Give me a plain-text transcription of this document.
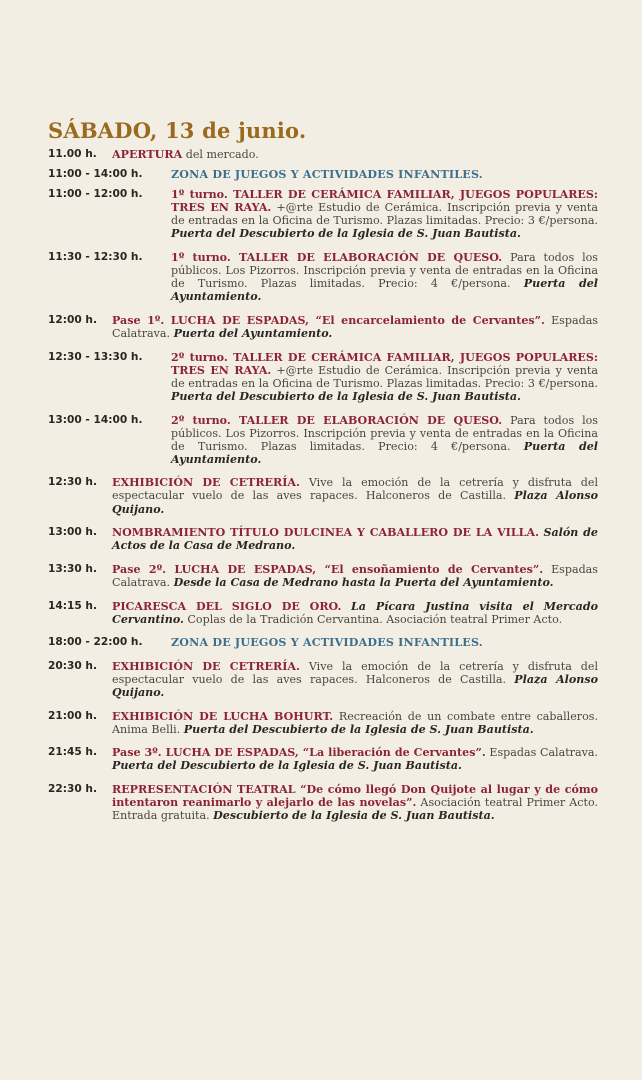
SÁBADO, 13 de junio.
11.00 h.	APERTURA del mercado.
11:00 - 14:00 h.	ZONA DE JUEGOS Y ACTIVIDADES INFANTILES.
11:00 - 12:00 h.	1º turno. TALLER DE CERÁMICA FAMILIAR, JUEGOS POPULARES: TRES EN RAYA. +@rte Estudio de Cerámica. Inscripción previa y venta de entradas en la Oficina de Turismo. Plazas limitadas. Precio: 3 €/persona. Puerta del Descubierto de la Iglesia de S. Juan Bautista.
11:30 - 12:30 h.	1º turno. TALLER DE ELABORACIÓN DE QUESO. Para todos los públicos. Los Pizorros. Inscripción previa y venta de entradas en la Oficina de Turismo. Plazas limitadas. Precio: 4 €/persona. Puerta del Ayuntamiento.
12:00 h.	Pase 1º. LUCHA DE ESPADAS, “El encarcelamiento de Cervantes”. Espadas Calatrava. Puerta del Ayuntamiento.
12:30 - 13:30 h.	2º turno. TALLER DE CERÁMICA FAMILIAR, JUEGOS POPULARES: TRES EN RAYA. +@rte Estudio de Cerámica. Inscripción previa y venta de entradas en la Oficina de Turismo. Plazas limitadas. Precio: 3 €/persona. Puerta del Descubierto de la Iglesia de S. Juan Bautista.
13:00 - 14:00 h.	2º turno. TALLER DE ELABORACIÓN DE QUESO. Para todos los públicos. Los Pizorros. Inscripción previa y venta de entradas en la Oficina de Turismo. Plazas limitadas. Precio: 4 €/persona. Puerta del Ayuntamiento.
12:30 h.	EXHIBICIÓN DE CETRERÍA. Vive la emoción de la cetrería y disfruta del espectacular vuelo de las aves rapaces. Halconeros de Castilla. Plaza Alonso Quijano.
13:00 h.	NOMBRAMIENTO TÍTULO DULCINEA Y CABALLERO DE LA VILLA. Salón de Actos de la Casa de Medrano.
13:30 h.	Pase 2º. LUCHA DE ESPADAS, “El ensoñamiento de Cervantes”. Espadas Calatrava. Desde la Casa de Medrano hasta la Puerta del Ayuntamiento.
14:15 h.	PICARESCA DEL SIGLO DE ORO. La Pícara Justina visita el Mercado Cervantino. Coplas de la Tradición Cervantina. Asociación teatral Primer Acto.
18:00 - 22:00 h.	ZONA DE JUEGOS Y ACTIVIDADES INFANTILES.
20:30 h.	EXHIBICIÓN DE CETRERÍA. Vive la emoción de la cetrería y disfruta del espectacular vuelo de las aves rapaces. Halconeros de Castilla. Plaza Alonso Quijano.
21:00 h.	EXHIBICIÓN DE LUCHA BOHURT. Recreación de un combate entre caballeros. Anima Belli. Puerta del Descubierto de la Iglesia de S. Juan Bautista.
21:45 h.	Pase 3º. LUCHA DE ESPADAS, “La liberación de Cervantes”. Espadas Calatrava. Puerta del Descubierto de la Iglesia de S. Juan Bautista.
22:30 h.	REPRESENTACIÓN TEATRAL “De cómo llegó Don Quijote al lugar y de cómo intentaron reanimarlo y alejarlo de las novelas”. Asociación teatral Primer Acto. Entrada gratuita. Descubierto de la Iglesia de S. Juan Bautista.
